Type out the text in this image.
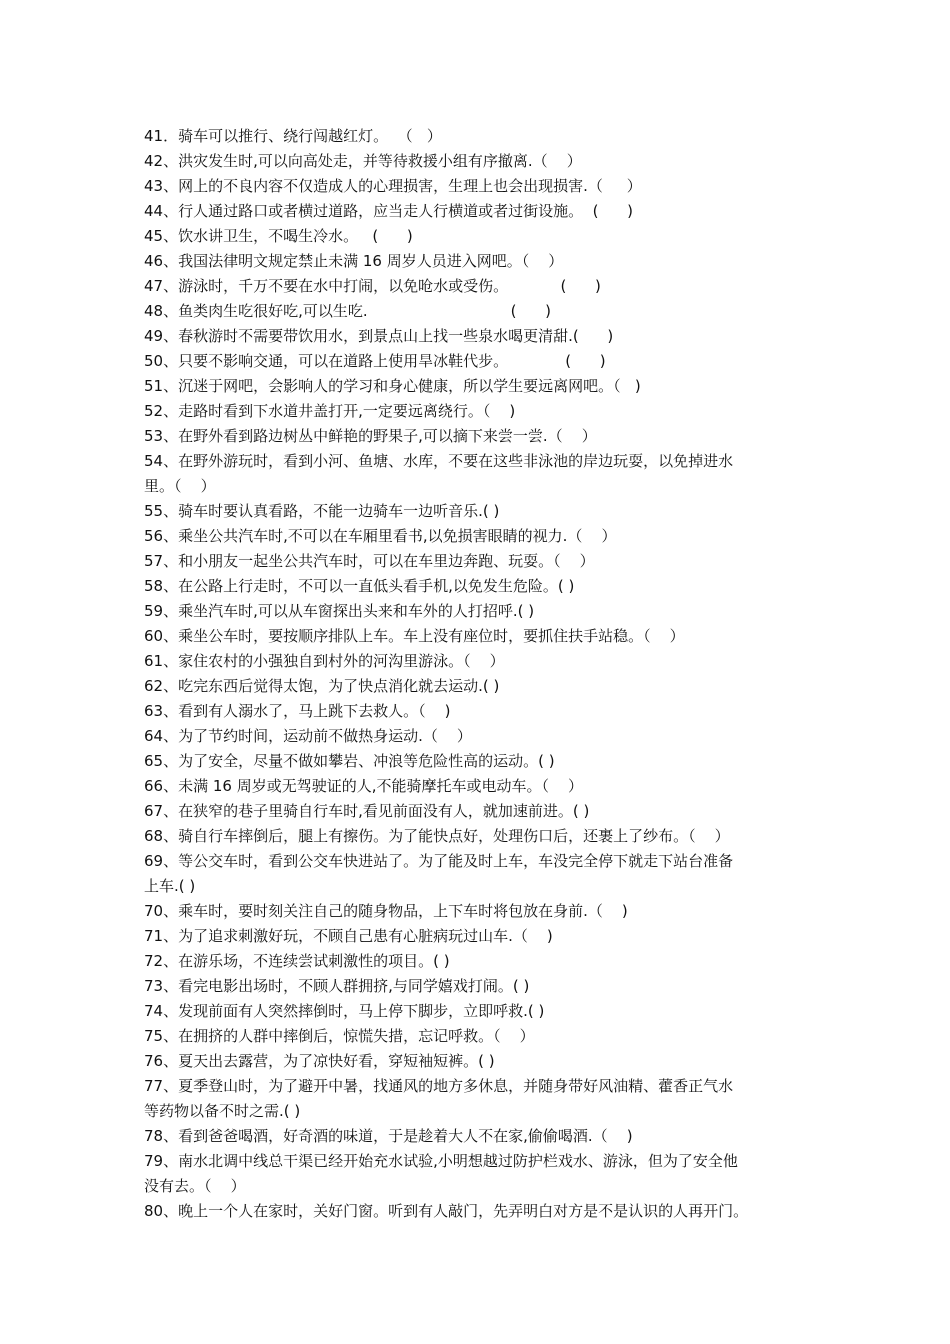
41．骑车可以推行、绕行闯越红灯。  （   ）
42、洪灾发生时,可以向高处走，并等待救援小组有序撤离.（    ）
43、网上的不良内容不仅造成人的心理损害，生理上也会出现损害.（     ）
44、行人通过路口或者横过道路，应当走人行横道或者过街设施。  (      )
45、饮水讲卫生，不喝生冷水。   (      )
46、我国法律明文规定禁止未满 16 周岁人员进入网吧。（    ）
47、游泳时，千万不要在水中打闹，以免呛水或受伤。           (      )
48、鱼类肉生吃很好吃,可以生吃.                              (      )
49、春秋游时不需要带饮用水，到景点山上找一些泉水喝更清甜.(      )
50、只要不影响交通，可以在道路上使用旱冰鞋代步。            (      )
51、沉迷于网吧，会影响人的学习和身心健康，所以学生要远离网吧。（   )
52、走路时看到下水道井盖打开,一定要远离绕行。（    )
53、在野外看到路边树丛中鲜艳的野果子,可以摘下来尝一尝.（    ）
54、在野外游玩时，看到小河、鱼塘、水库，不要在这些非泳池的岸边玩耍，以免掉进水
里。（    ）
55、骑车时要认真看路，不能一边骑车一边听音乐.( )
56、乘坐公共汽车时,不可以在车厢里看书,以免损害眼睛的视力.（    ）
57、和小朋友一起坐公共汽车时，可以在车里边奔跑、玩耍。（    ）
58、在公路上行走时，不可以一直低头看手机,以免发生危险。( )
59、乘坐汽车时,可以从车窗探出头来和车外的人打招呼.( )
60、乘坐公车时，要按顺序排队上车。车上没有座位时，要抓住扶手站稳。（    ）
61、家住农村的小强独自到村外的河沟里游泳。（    ）
62、吃完东西后觉得太饱，为了快点消化就去运动.( )
63、看到有人溺水了，马上跳下去救人。（    )
64、为了节约时间，运动前不做热身运动.（    ）
65、为了安全，尽量不做如攀岩、冲浪等危险性高的运动。( )
66、未满 16 周岁或无驾驶证的人,不能骑摩托车或电动车。（    ）
67、在狭窄的巷子里骑自行车时,看见前面没有人，就加速前进。( )
68、骑自行车摔倒后，腿上有擦伤。为了能快点好，处理伤口后，还裹上了纱布。（    ）
69、等公交车时，看到公交车快进站了。为了能及时上车，车没完全停下就走下站台准备
上车.( )
70、乘车时，要时刻关注自己的随身物品，上下车时将包放在身前.（    )
71、为了追求刺激好玩，不顾自己患有心脏病玩过山车.（    )
72、在游乐场，不连续尝试刺激性的项目。( )
73、看完电影出场时，不顾人群拥挤,与同学嬉戏打闹。( )
74、发现前面有人突然摔倒时，马上停下脚步，立即呼救.( )
75、在拥挤的人群中摔倒后，惊慌失措，忘记呼救。（    ）
76、夏天出去露营，为了凉快好看，穿短袖短裤。( )
77、夏季登山时，为了避开中暑，找通风的地方多休息，并随身带好风油精、藿香正气水
等药物以备不时之需.( )
78、看到爸爸喝酒，好奇酒的味道，于是趁着大人不在家,偷偷喝酒.（    )
79、南水北调中线总干渠已经开始充水试验,小明想越过防护栏戏水、游泳，但为了安全他
没有去。（    ）
80、晚上一个人在家时，关好门窗。听到有人敲门，先弄明白对方是不是认识的人再开门。
